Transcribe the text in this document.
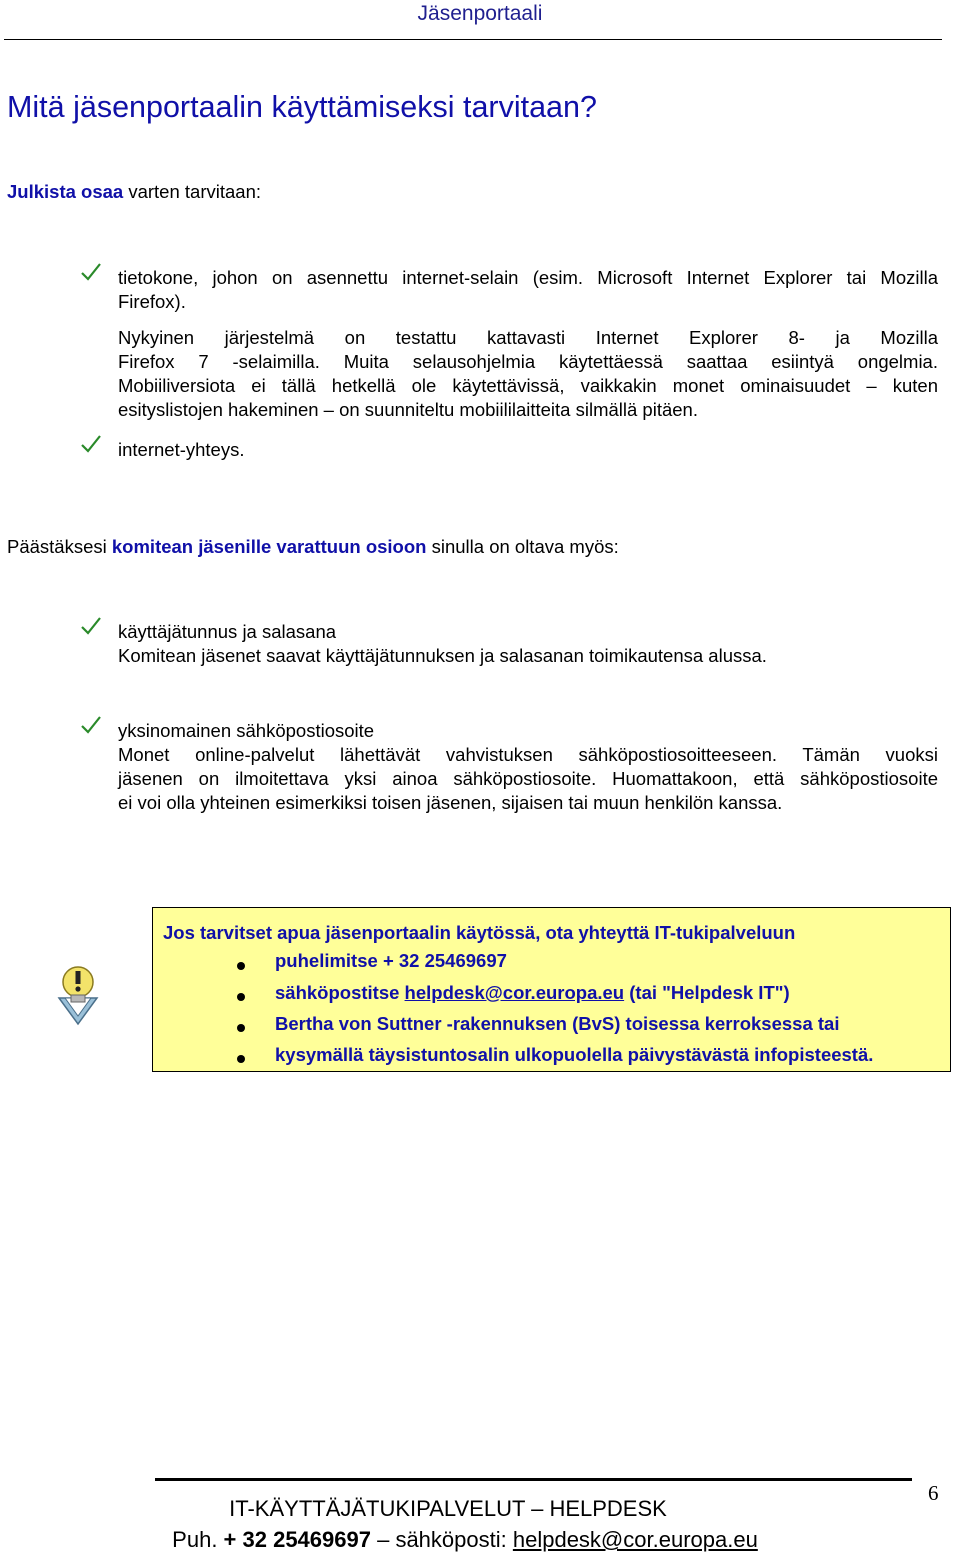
Jäsenportaali
Mitä jäsenportaalin käyttämiseksi tarvitaan?
Julkista osaa varten tarvitaan:
tietokone, johon on asennettu internet-selain (esim. Microsoft Internet Explorer tai Mozilla
Firefox).
Nykyinen järjestelmä on testattu kattavasti Internet Explorer 8- ja Mozilla
Firefox 7 -selaimilla. Muita selausohjelmia käytettäessä saattaa esiintyä ongelmia.
Mobiiliversiota ei tällä hetkellä ole käytettävissä, vaikkakin monet ominaisuudet – kuten
esityslistojen hakeminen – on suunniteltu mobiililaitteita silmällä pitäen.
internet-yhteys.
Päästäksesi komitean jäsenille varattuun osioon sinulla on oltava myös:
käyttäjätunnus ja salasana
Komitean jäsenet saavat käyttäjätunnuksen ja salasanan toimikautensa alussa.
yksinomainen sähköpostiosoite
Monet online-palvelut lähettävät vahvistuksen sähköpostiosoitteeseen. Tämän vuoksi
jäsenen on ilmoitettava yksi ainoa sähköpostiosoite. Huomattakoon, että sähköpostiosoite
ei voi olla yhteinen esimerkiksi toisen jäsenen, sijaisen tai muun henkilön kanssa.
Jos tarvitset apua jäsenportaalin käytössä, ota yhteyttä IT-tukipalveluun
puhelimitse + 32 25469697
sähköpostitse helpdesk@cor.europa.eu (tai "Helpdesk IT")
Bertha von Suttner -rakennuksen (BvS) toisessa kerroksessa tai
kysymällä täysistuntosalin ulkopuolella päivystävästä infopisteestä.
6
IT-KÄYTTÄJÄTUKIPALVELUT – HELPDESK
Puh. + 32 25469697 – sähköposti: helpdesk@cor.europa.eu
